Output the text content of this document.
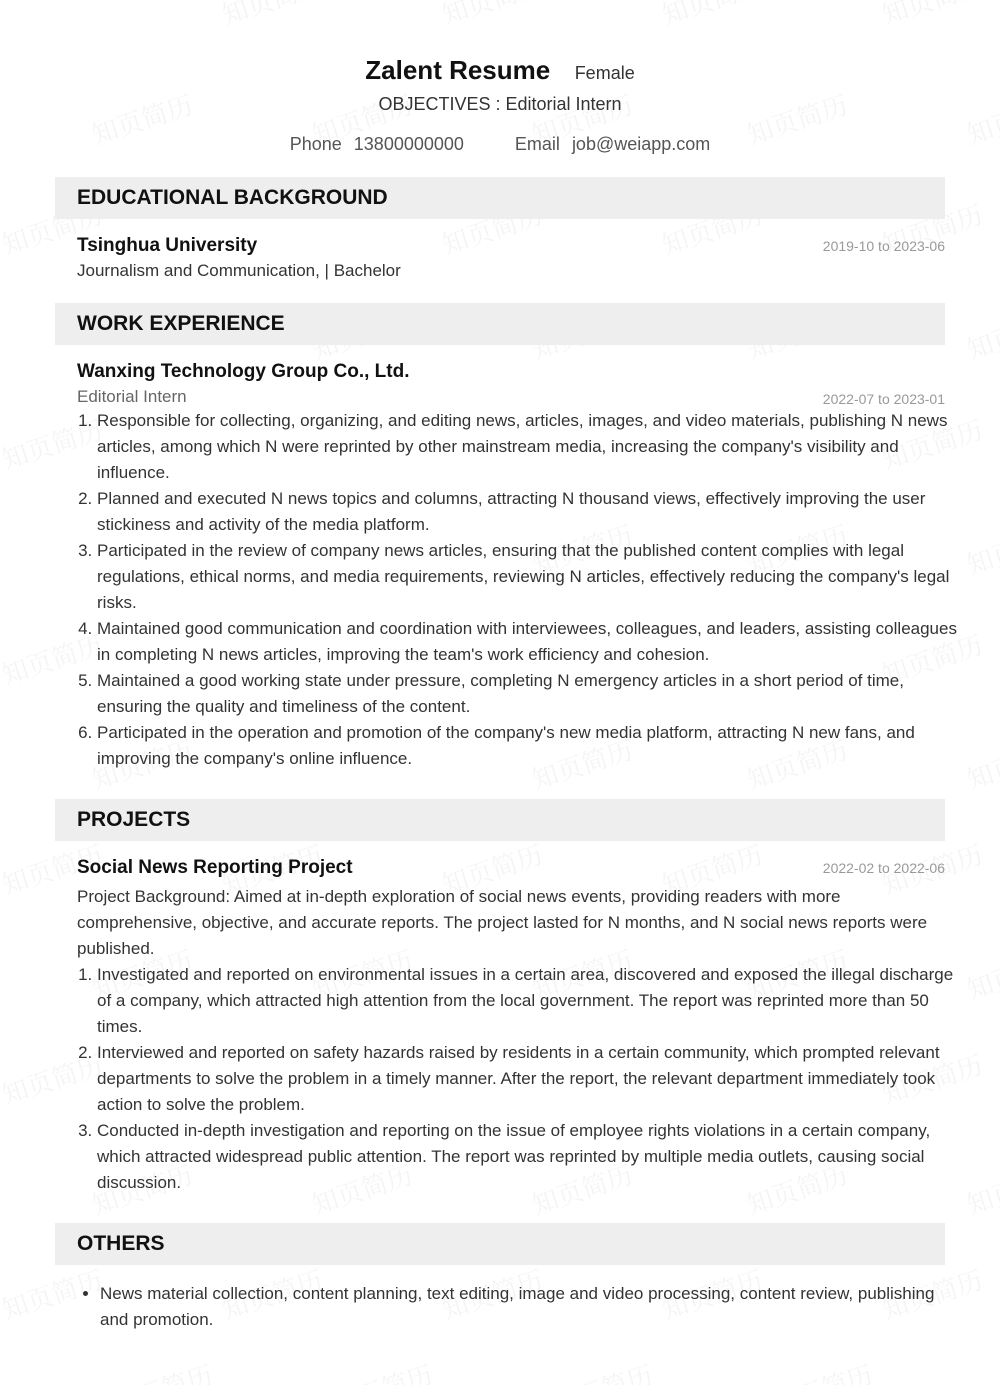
Zalent Resume Female
OBJECTIVES : Editorial Intern
Phone 13800000000	Email job@weiapp.com
EDUCATIONAL BACKGROUND
Tsinghua University	2019-10 to 2023-06
Journalism and Communication, | Bachelor
WORK EXPERIENCE
Wanxing Technology Group Co., Ltd.
Editorial Intern	2022-07 to 2023-01
1. Responsible for collecting, organizing, and editing news, articles, images, and video materials, publishing N news articles, among which N were reprinted by other mainstream media, increasing the company's visibility and influence.
2. Planned and executed N news topics and columns, attracting N thousand views, effectively improving the user stickiness and activity of the media platform.
3. Participated in the review of company news articles, ensuring that the published content complies with legal regulations, ethical norms, and media requirements, reviewing N articles, effectively reducing the company's legal risks.
4. Maintained good communication and coordination with interviewees, colleagues, and leaders, assisting colleagues in completing N news articles, improving the team's work efficiency and cohesion.
5. Maintained a good working state under pressure, completing N emergency articles in a short period of time, ensuring the quality and timeliness of the content.
6. Participated in the operation and promotion of the company's new media platform, attracting N new fans, and improving the company's online influence.
PROJECTS
Social News Reporting Project	2022-02 to 2022-06
Project Background: Aimed at in-depth exploration of social news events, providing readers with more comprehensive, objective, and accurate reports. The project lasted for N months, and N social news reports were published.
1. Investigated and reported on environmental issues in a certain area, discovered and exposed the illegal discharge of a company, which attracted high attention from the local government. The report was reprinted more than 50 times.
2. Interviewed and reported on safety hazards raised by residents in a certain community, which prompted relevant departments to solve the problem in a timely manner. After the report, the relevant department immediately took action to solve the problem.
3. Conducted in-depth investigation and reporting on the issue of employee rights violations in a certain company, which attracted widespread public attention. The report was reprinted by multiple media outlets, causing social discussion.
OTHERS
• News material collection, content planning, text editing, image and video processing, content review, publishing and promotion.
